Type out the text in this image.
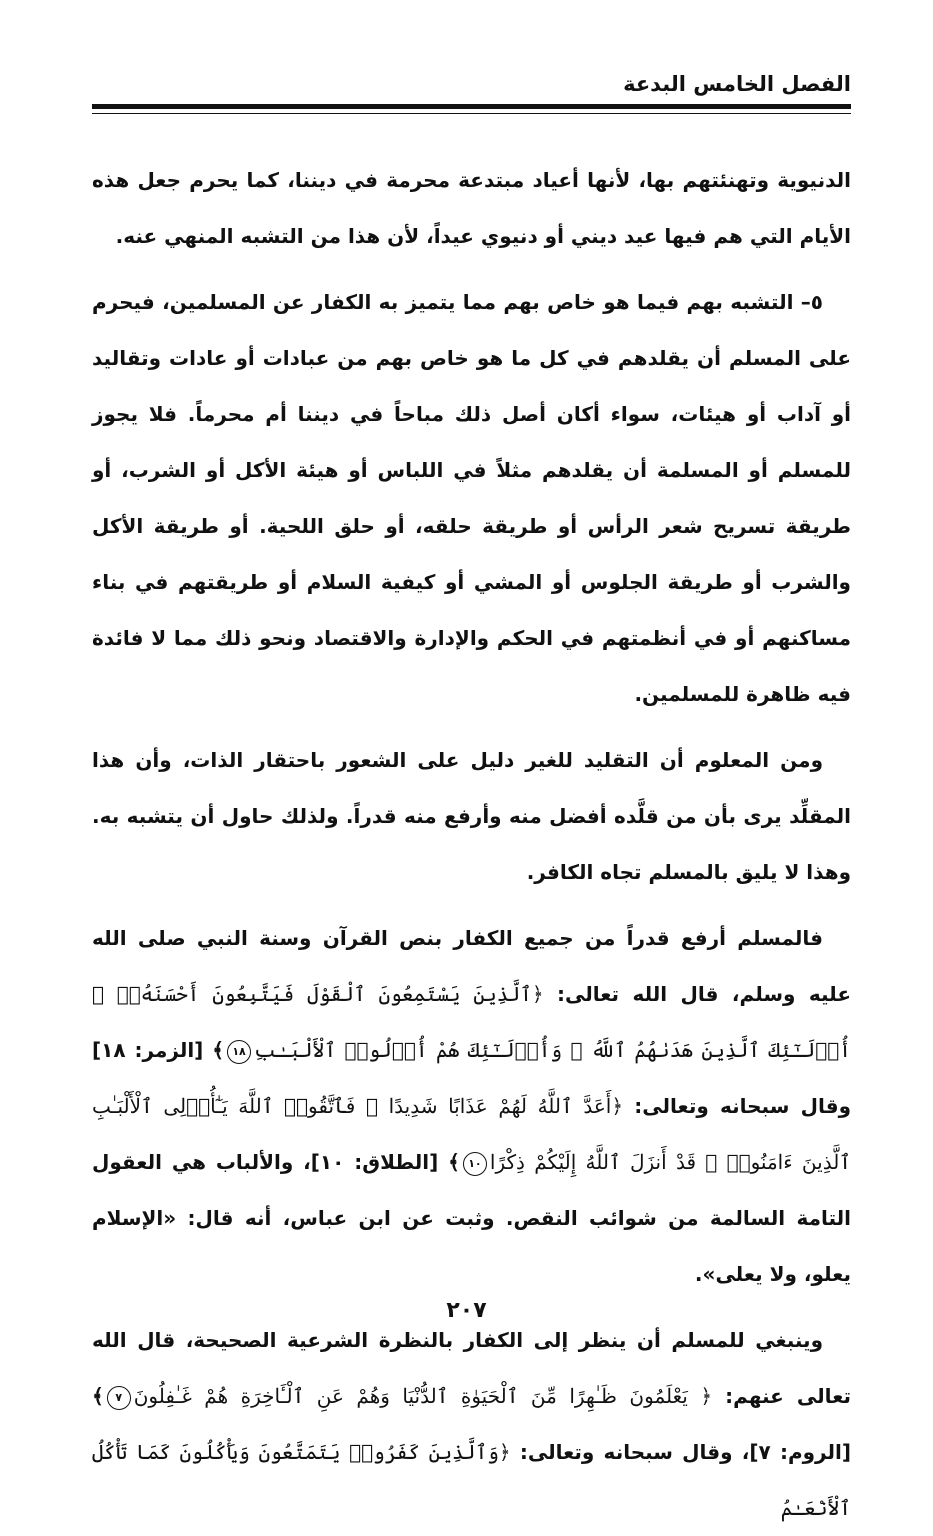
الفصل الخامس البدعة

الدنيوية وتهنئتهم بها، لأنها أعياد مبتدعة محرمة في ديننا، كما يحرم جعل هذه الأيام التي هم فيها عيد ديني أو دنيوي عيداً، لأن هذا من التشبه المنهي عنه.

٥– التشبه بهم فيما هو خاص بهم مما يتميز به الكفار عن المسلمين، فيحرم على المسلم أن يقلدهم في كل ما هو خاص بهم من عبادات أو عادات وتقاليد أو آداب أو هيئات، سواء أكان أصل ذلك مباحاً في ديننا أم محرماً. فلا يجوز للمسلم أو المسلمة أن يقلدهم مثلاً في اللباس أو هيئة الأكل أو الشرب، أو طريقة تسريح شعر الرأس أو طريقة حلقه، أو حلق اللحية. أو طريقة الأكل والشرب أو طريقة الجلوس أو المشي أو كيفية السلام أو طريقتهم في بناء مساكنهم أو في أنظمتهم في الحكم والإدارة والاقتصاد ونحو ذلك مما لا فائدة فيه ظاهرة للمسلمين.

ومن المعلوم أن التقليد للغير دليل على الشعور باحتقار الذات، وأن هذا المقلِّد يرى بأن من قلَّده أفضل منه وأرفع منه قدراً. ولذلك حاول أن يتشبه به. وهذا لا يليق بالمسلم تجاه الكافر.

فالمسلم أرفع قدراً من جميع الكفار بنص القرآن وسنة النبي صلى الله عليه وسلم، قال الله تعالى: ﴿ٱلَّذِينَ يَسْتَمِعُونَ ٱلْقَوْلَ فَيَتَّبِعُونَ أَحْسَنَهُۥٓ ۚ أُو۟لَـٰٓئِكَ ٱلَّذِينَ هَدَىٰهُمُ ٱللَّهُ ۖ وَأُو۟لَـٰٓئِكَ هُمْ أُو۟لُوا۟ ٱلْأَلْبَـٰبِ١٨﴾ [الزمر: ١٨] وقال سبحانه وتعالى: ﴿أَعَدَّ ٱللَّهُ لَهُمْ عَذَابًا شَدِيدًا ۖ فَٱتَّقُوا۟ ٱللَّهَ يَـٰٓأُو۟لِى ٱلْأَلْبَـٰبِ ٱلَّذِينَ ءَامَنُوا۟ ۚ قَدْ أَنزَلَ ٱللَّهُ إِلَيْكُمْ ذِكْرًا١٠﴾ [الطلاق: ١٠]، والألباب هي العقول التامة السالمة من شوائب النقص. وثبت عن ابن عباس، أنه قال: «الإسلام يعلو، ولا يعلى».

وينبغي للمسلم أن ينظر إلى الكفار بالنظرة الشرعية الصحيحة، قال الله تعالى عنهم: ﴿ يَعْلَمُونَ ظَـٰهِرًا مِّنَ ٱلْحَيَوٰةِ ٱلدُّنْيَا وَهُمْ عَنِ ٱلْـَٔاخِرَةِ هُمْ غَـٰفِلُونَ٧﴾ [الروم: ٧]، وقال سبحانه وتعالى: ﴿وَٱلَّذِينَ كَفَرُوا۟ يَتَمَتَّعُونَ وَيَأْكُلُونَ كَمَا تَأْكُلُ ٱلْأَنْعَـٰمُ

٢٠٧
